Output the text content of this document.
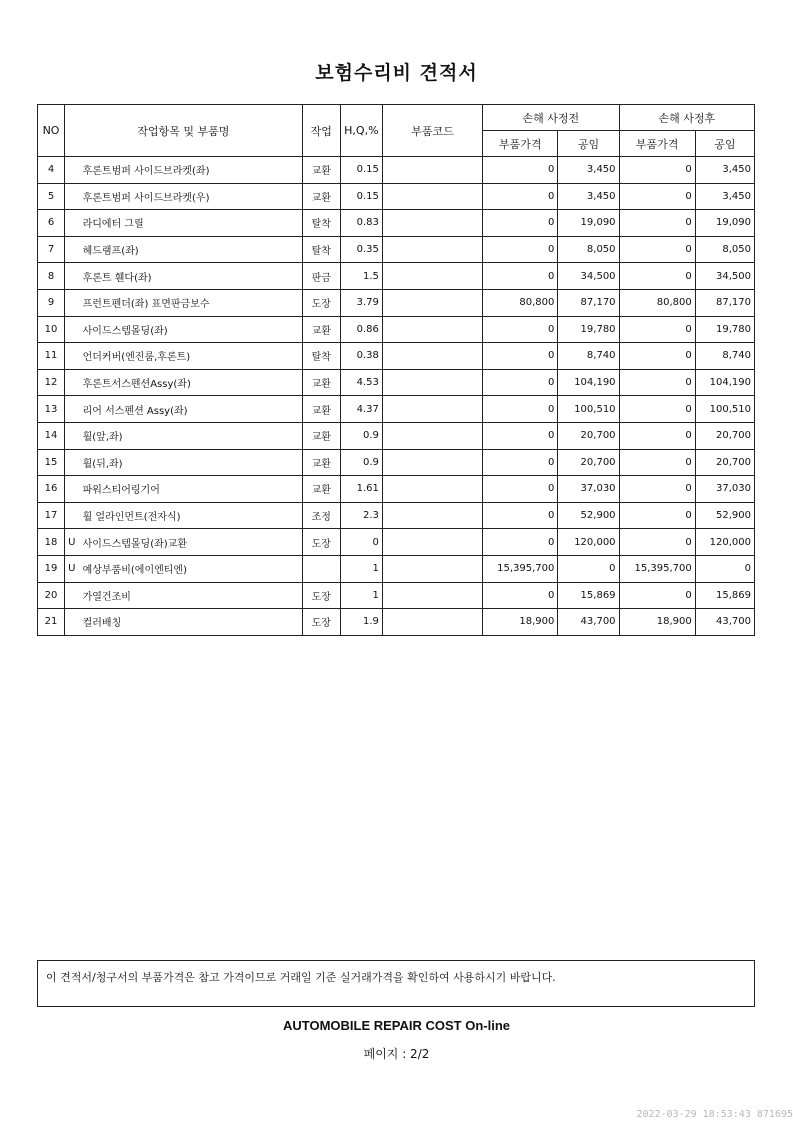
보험수리비 견적서
NO	작업항목 및 부품명		작업	H,Q,%	부품코드	손해 사정전		손해 사정후	
						부품가격	공임	부품가격	공임
4		후론트범퍼 사이드브라켓(좌)	교환	0.15		0	3,450	0	3,450
5		후론트범퍼 사이드브라켓(우)	교환	0.15		0	3,450	0	3,450
6		라디에터 그릴	탈착	0.83		0	19,090	0	19,090
7		헤드램프(좌)	탈착	0.35		0	8,050	0	8,050
8		후론트 휀다(좌)	판금	1.5		0	34,500	0	34,500
9		프런트펜더(좌) 표면판금보수	도장	3.79		80,800	87,170	80,800	87,170
10		사이드스텝몰딩(좌)	교환	0.86		0	19,780	0	19,780
11		언더커버(엔진룸,후론트)	탈착	0.38		0	8,740	0	8,740
12		후론트서스펜션Assy(좌)	교환	4.53		0	104,190	0	104,190
13		리어 서스펜션 Assy(좌)	교환	4.37		0	100,510	0	100,510
14		휠(앞,좌)	교환	0.9		0	20,700	0	20,700
15		휠(뒤,좌)	교환	0.9		0	20,700	0	20,700
16		파워스티어링기어	교환	1.61		0	37,030	0	37,030
17		휠 얼라인먼트(전자식)	조정	2.3		0	52,900	0	52,900
18	U	사이드스텝몰딩(좌)교환	도장	0		0	120,000	0	120,000
19	U	예상부품비(에이엔티엔)		1		15,395,700	0	15,395,700	0
20		가열건조비	도장	1		0	15,869	0	15,869
21		컬러배칭	도장	1.9		18,900	43,700	18,900	43,700
이 견적서/청구서의 부품가격은 참고 가격이므로 거래일 기준 실거래가격을 확인하여 사용하시기 바랍니다.
AUTOMOBILE REPAIR COST On-line
페이지 : 2/2
2022-03-29 18:53:43 871695
